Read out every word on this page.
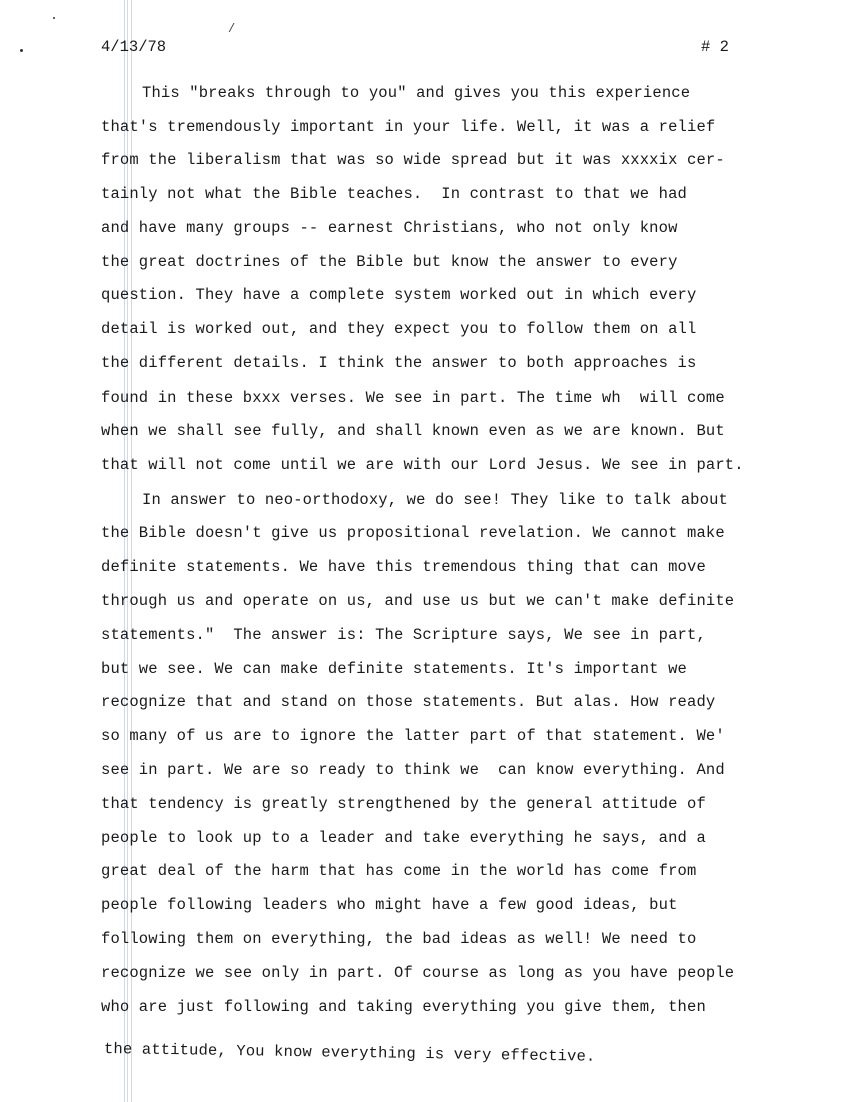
/
4/13/78	# 2
This "breaks through to you" and gives you this experience
that's tremendously important in your life. Well, it was a relief
from the liberalism that was so wide spread but it was xxxxix cer-
tainly not what the Bible teaches.  In contrast to that we had
and have many groups -- earnest Christians, who not only know
the great doctrines of the Bible but know the answer to every
question. They have a complete system worked out in which every
detail is worked out, and they expect you to follow them on all
the different details. I think the answer to both approaches is
found in these bxxx verses. We see in part. The time wh  will come
when we shall see fully, and shall known even as we are known. But
that will not come until we are with our Lord Jesus. We see in part.
In answer to neo-orthodoxy, we do see! They like to talk about
the Bible doesn't give us propositional revelation. We cannot make
definite statements. We have this tremendous thing that can move
through us and operate on us, and use us but we can't make definite
statements."  The answer is: The Scripture says, We see in part,
but we see. We can make definite statements. It's important we
recognize that and stand on those statements. But alas. How ready
so many of us are to ignore the latter part of that statement. We'
see in part. We are so ready to think we  can know everything. And
that tendency is greatly strengthened by the general attitude of
people to look up to a leader and take everything he says, and a
great deal of the harm that has come in the world has come from
people following leaders who might have a few good ideas, but
following them on everything, the bad ideas as well! We need to
recognize we see only in part. Of course as long as you have people
who are just following and taking everything you give them, then
the attitude, You know everything is very effective.
